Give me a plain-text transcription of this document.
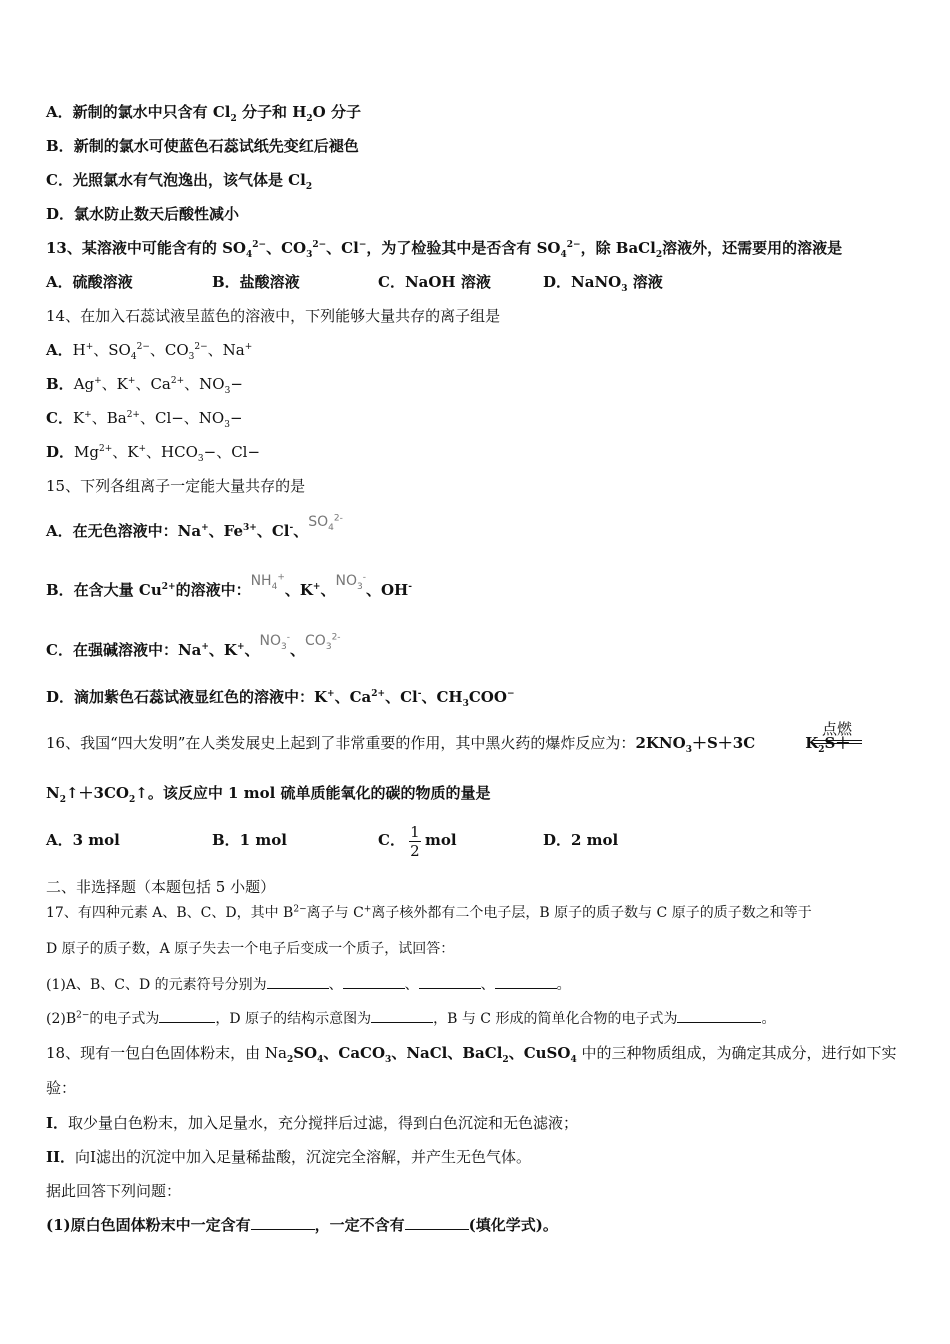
A．新制的氯水中只含有 $Cl_2$ 分子和 $H_2O$ 分子
B．新制的氯水可使蓝色石蕊试纸先变红后褪色
C．光照氯水有气泡逸出，该气体是 $Cl_2$
D．氯水防止数天后酸性减小
13、某溶液中可能含有的 $SO_4^{2-}$、$CO_3^{2-}$、Cl−，为了检验其中是否含有 $SO_4^{2-}$，除 BaCl$_2$溶液外，还需要用的溶液是
A．硫酸溶液	B．盐酸溶液	C．NaOH 溶液	D．NaNO$_3$ 溶液
14、在加入石蕊试液呈蓝色的溶液中，下列能够大量共存的离子组是
A．H+、$SO_4^{2-}$、$CO_3^{2-}$、Na+
B．Ag+、K+、$Ca^{2+}$、$NO_3-$
C．K+、$Ba^{2+}$、Cl−、$NO_3-$
D．$Mg^{2+}$、K+、$HCO_3-$、Cl−
15、下列各组离子一定能大量共存的是
A．在无色溶液中：Na+、$Fe^{3+}$、Cl-、$SO_4^{2-}$
B．在含大量 $Cu^{2+}$的溶液中：$NH_4^+$、K+、$NO_3^-$、OH-
C．在强碱溶液中：Na+、K+、$NO_3^-$、$CO_3^{2-}$
D．滴加紫色石蕊试液显红色的溶液中：K+、$Ca^{2+}$、Cl-、$CH_3COO^-$
16、我国“四大发明”在人类发展史上起到了非常重要的作用，其中黑火药的爆炸反应为：$2KNO_3+S+3C$	$K_2S+$
点燃
$N_2↑+3CO_2↑$。该反应中 1 mol 硫单质能氧化的碳的物质的量是
A．3 mol	B．1 mol	C． $\frac{1}{2}$ mol	D．2 mol
二、非选择题（本题包括 5 小题）
17、有四种元素 A、B、C、D，其中 $B^{2-}$离子与 C+离子核外都有二个电子层，B 原子的质子数与 C 原子的质子数之和等于
D 原子的质子数，A 原子失去一个电子后变成一个质子，试回答：
(1)A、B、C、D 的元素符号分别为	、	、	、	。
$(2)B^{2-}$的电子式为	，D 原子的结构示意图为	，B 与 C 形成的简单化合物的电子式为	。
18、现有一包白色固体粉末，由 $Na_2SO_4$、CaCO$_3$、NaCl、BaCl$_2$、CuSO$_4$ 中的三种物质组成，为确定其成分，进行如下实
验：
I．取少量白色粉末，加入足量水，充分搅拌后过滤，得到白色沉淀和无色滤液；
II．向Ⅰ滤出的沉淀中加入足量稀盐酸，沉淀完全溶解，并产生无色气体。
据此回答下列问题：
(1)原白色固体粉末中一定含有	，一定不含有	(填化学式)。
